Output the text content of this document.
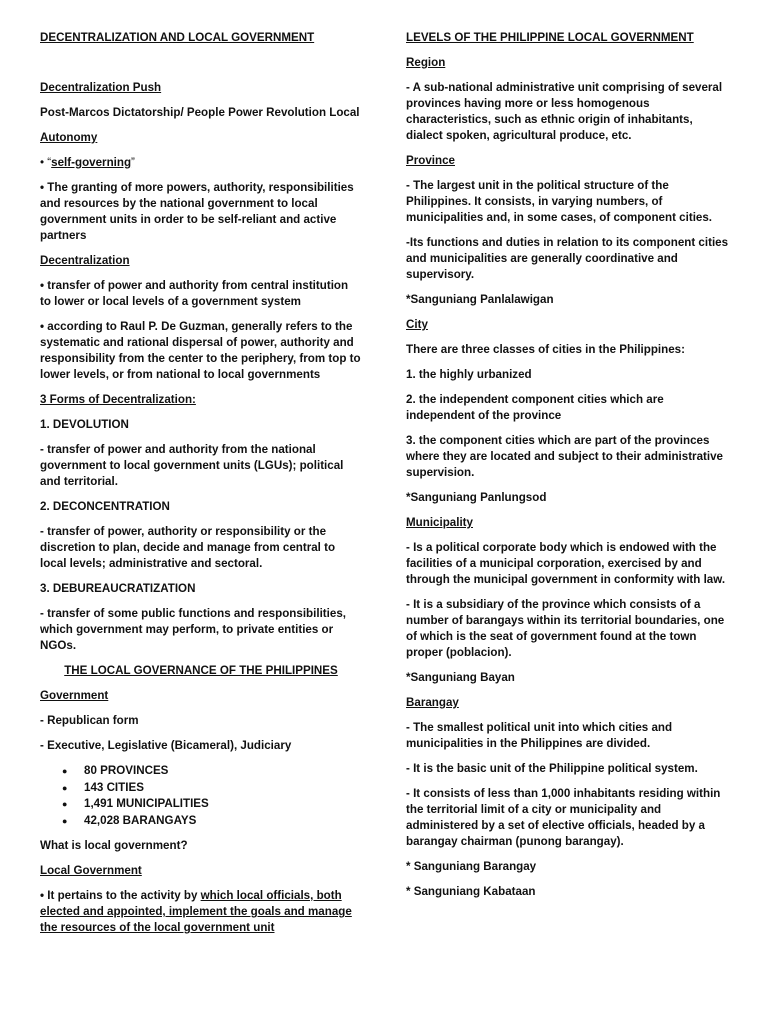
DECENTRALIZATION AND LOCAL GOVERNMENT

Decentralization Push

Post-Marcos Dictatorship/ People Power Revolution Local

Autonomy

• “self-governing”

• The granting of more powers, authority, responsibilities and resources by the national government to local government units in order to be self-reliant and active partners

Decentralization

• transfer of power and authority from central institution to lower or local levels of a government system

• according to Raul P. De Guzman, generally refers to the systematic and rational dispersal of power, authority and responsibility from the center to the periphery, from top to lower levels, or from national to local governments

3 Forms of Decentralization:

1. DEVOLUTION

- transfer of power and authority from the national government to local government units (LGUs); political and territorial.

2. DECONCENTRATION

- transfer of power, authority or responsibility or the discretion to plan, decide and manage from central to local levels; administrative and sectoral.

3. DEBUREAUCRATIZATION

- transfer of some public functions and responsibilities, which government may perform, to private entities or NGOs.

THE LOCAL GOVERNANCE OF THE PHILIPPINES

Government

- Republican form

- Executive, Legislative (Bicameral), Judiciary

● 80 PROVINCES
● 143 CITIES
● 1,491 MUNICIPALITIES
● 42,028 BARANGAYS

What is local government?

Local Government

• It pertains to the activity by which local officials, both elected and appointed, implement the goals and manage the resources of the local government unit

LEVELS OF THE PHILIPPINE LOCAL GOVERNMENT

Region

- A sub-national administrative unit comprising of several provinces having more or less homogenous characteristics, such as ethnic origin of inhabitants, dialect spoken, agricultural produce, etc.

Province

- The largest unit in the political structure of the Philippines. It consists, in varying numbers, of municipalities and, in some cases, of component cities.

-Its functions and duties in relation to its component cities and municipalities are generally coordinative and supervisory.

*Sanguniang Panlalawigan

City

There are three classes of cities in the Philippines:

1. the highly urbanized

2. the independent component cities which are independent of the province

3. the component cities which are part of the provinces where they are located and subject to their administrative supervision.

*Sanguniang Panlungsod

Municipality

- Is a political corporate body which is endowed with the facilities of a municipal corporation, exercised by and through the municipal government in conformity with law.

- It is a subsidiary of the province which consists of a number of barangays within its territorial boundaries, one of which is the seat of government found at the town proper (poblacion).

*Sanguniang Bayan

Barangay

- The smallest political unit into which cities and municipalities in the Philippines are divided.

- It is the basic unit of the Philippine political system.

- It consists of less than 1,000 inhabitants residing within the territorial limit of a city or municipality and administered by a set of elective officials, headed by a barangay chairman (punong barangay).

* Sanguniang Barangay

* Sanguniang Kabataan
